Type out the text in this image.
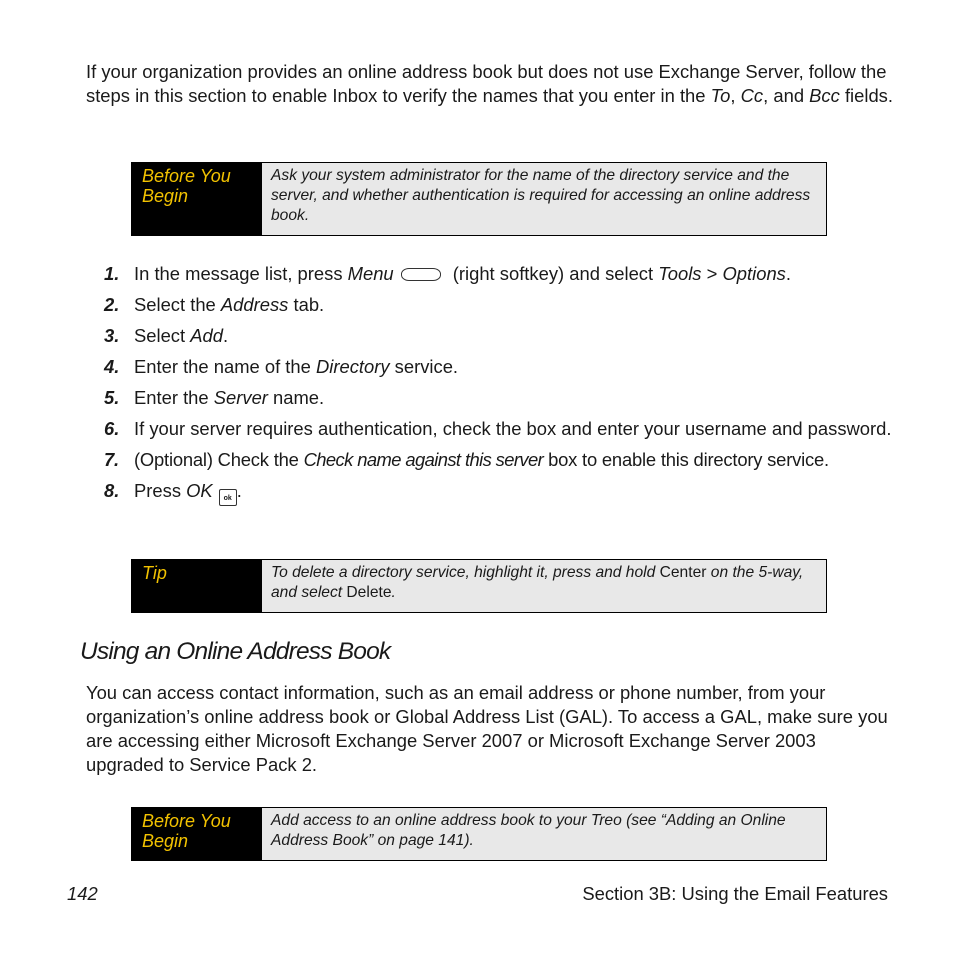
If your organization provides an online address book but does not use Exchange Server, follow the steps in this section to enable Inbox to verify the names that you enter in the To, Cc, and Bcc fields.
Before You Begin
Ask your system administrator for the name of the directory service and the server, and whether authentication is required for accessing an online address book.
1. In the message list, press Menu	(right softkey) and select Tools > Options.
2. Select the Address tab.
3. Select Add.
4. Enter the name of the Directory service.
5. Enter the Server name.
6. If your server requires authentication, check the box and enter your username and password.
7. (Optional) Check the Check name against this server box to enable this directory service.
8. Press OK ok .
Tip	To delete a directory service, highlight it, press and hold Center on the 5-way, and select Delete.
Using an Online Address Book
You can access contact information, such as an email address or phone number, from your organization’s online address book or Global Address List (GAL). To access a GAL, make sure you are accessing either Microsoft Exchange Server 2007 or Microsoft Exchange Server 2003 upgraded to Service Pack 2.
Before You Begin
Add access to an online address book to your Treo (see “Adding an Online Address Book” on page 141).
142	Section 3B: Using the Email Features
